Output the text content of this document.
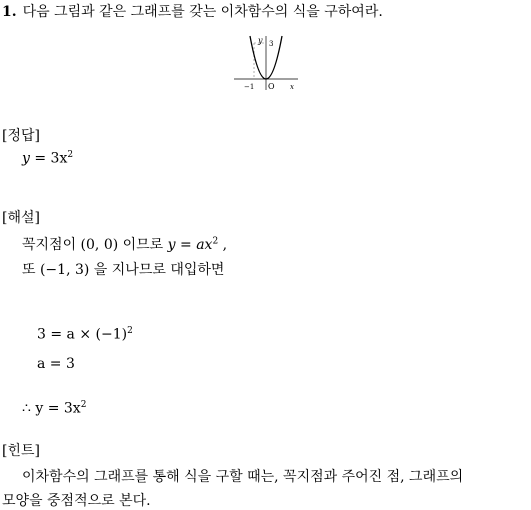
1. 다음 그림과 같은 그래프를 갖는 이차함수의 식을 구하여라.
y 3
−1 O x
[정답]
$y = 3x^2$
[해설]
꼭지점이 (0, 0) 이므로 $y = ax^2$ ,
또 (−1, 3) 을 지나므로 대입하면
$3 = a \times (-1)^2$
a = 3
∴ $y = 3x^2$
[힌트]
이차함수의 그래프를 통해 식을 구할 때는, 꼭지점과 주어진 점, 그래프의
모양을 중점적으로 본다.
